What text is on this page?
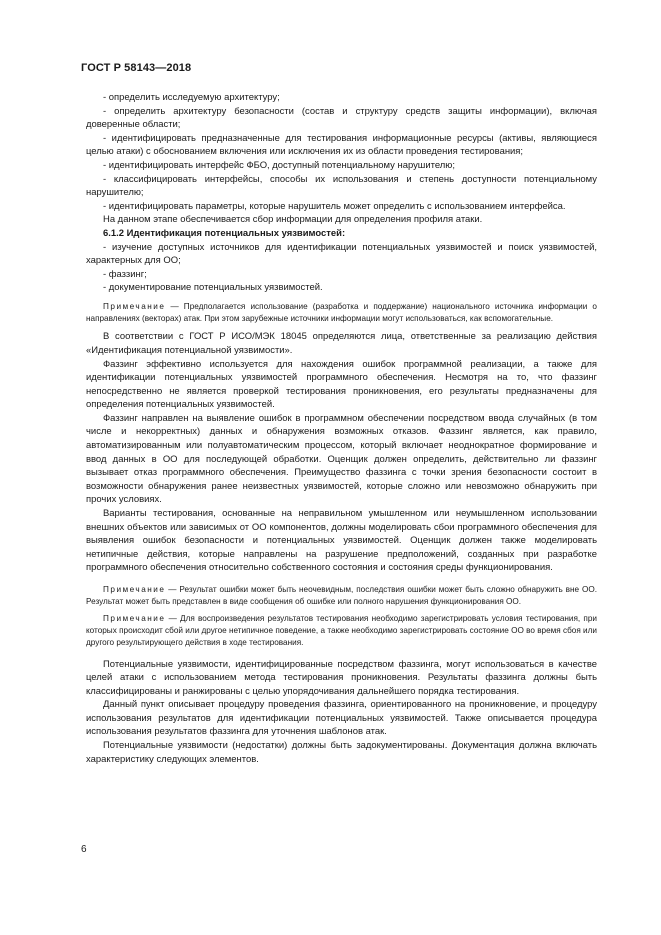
ГОСТ Р 58143—2018

- определить исследуемую архитектуру;

- определить архитектуру безопасности (состав и структуру средств защиты информации), включая доверенные области;

- идентифицировать предназначенные для тестирования информационные ресурсы (активы, являющиеся целью атаки) с обоснованием включения или исключения их из области проведения тестирования;

- идентифицировать интерфейс ФБО, доступный потенциальному нарушителю;

- классифицировать интерфейсы, способы их использования и степень доступности потенциальному нарушителю;

- идентифицировать параметры, которые нарушитель может определить с использованием интерфейса.

На данном этапе обеспечивается сбор информации для определения профиля атаки.

6.1.2 Идентификация потенциальных уязвимостей:

- изучение доступных источников для идентификации потенциальных уязвимостей и поиск уязвимостей, характерных для ОО;

- фаззинг;

- документирование потенциальных уязвимостей.

Примечание — Предполагается использование (разработка и поддержание) национального источника информации о направлениях (векторах) атак. При этом зарубежные источники информации могут использоваться, как вспомогательные.

В соответствии с ГОСТ Р ИСО/МЭК 18045 определяются лица, ответственные за реализацию действия «Идентификация потенциальной уязвимости».

Фаззинг эффективно используется для нахождения ошибок программной реализации, а также для идентификации потенциальных уязвимостей программного обеспечения. Несмотря на то, что фаззинг непосредственно не является проверкой тестирования проникновения, его результаты предназначены для определения потенциальных уязвимостей.

Фаззинг направлен на выявление ошибок в программном обеспечении посредством ввода случайных (в том числе и некорректных) данных и обнаружения возможных отказов. Фаззинг является, как правило, автоматизированным или полуавтоматическим процессом, который включает неоднократное формирование и ввод данных в ОО для последующей обработки. Оценщик должен определить, действительно ли фаззинг вызывает отказ программного обеспечения. Преимущество фаззинга с точки зрения безопасности состоит в возможности обнаружения ранее неизвестных уязвимостей, которые сложно или невозможно обнаружить при прочих условиях.

Варианты тестирования, основанные на неправильном умышленном или неумышленном использовании внешних объектов или зависимых от ОО компонентов, должны моделировать сбои программного обеспечения для выявления ошибок безопасности и потенциальных уязвимостей. Оценщик должен также моделировать нетипичные действия, которые направлены на разрушение предположений, созданных при разработке программного обеспечения относительно собственного состояния и состояния среды функционирования.

Примечание — Результат ошибки может быть неочевидным, последствия ошибки может быть сложно обнаружить вне ОО. Результат может быть представлен в виде сообщения об ошибке или полного нарушения функционирования ОО.

Примечание — Для воспроизведения результатов тестирования необходимо зарегистрировать условия тестирования, при которых происходит сбой или другое нетипичное поведение, а также необходимо зарегистрировать состояние ОО во время сбоя или другого результирующего действия в ходе тестирования.

Потенциальные уязвимости, идентифицированные посредством фаззинга, могут использоваться в качестве целей атаки с использованием метода тестирования проникновения. Результаты фаззинга должны быть классифицированы и ранжированы с целью упорядочивания дальнейшего порядка тестирования.

Данный пункт описывает процедуру проведения фаззинга, ориентированного на проникновение, и процедуру использования результатов для идентификации потенциальных уязвимостей. Также описывается процедура использования результатов фаззинга для уточнения шаблонов атак.

Потенциальные уязвимости (недостатки) должны быть задокументированы. Документация должна включать характеристику следующих элементов.

6
